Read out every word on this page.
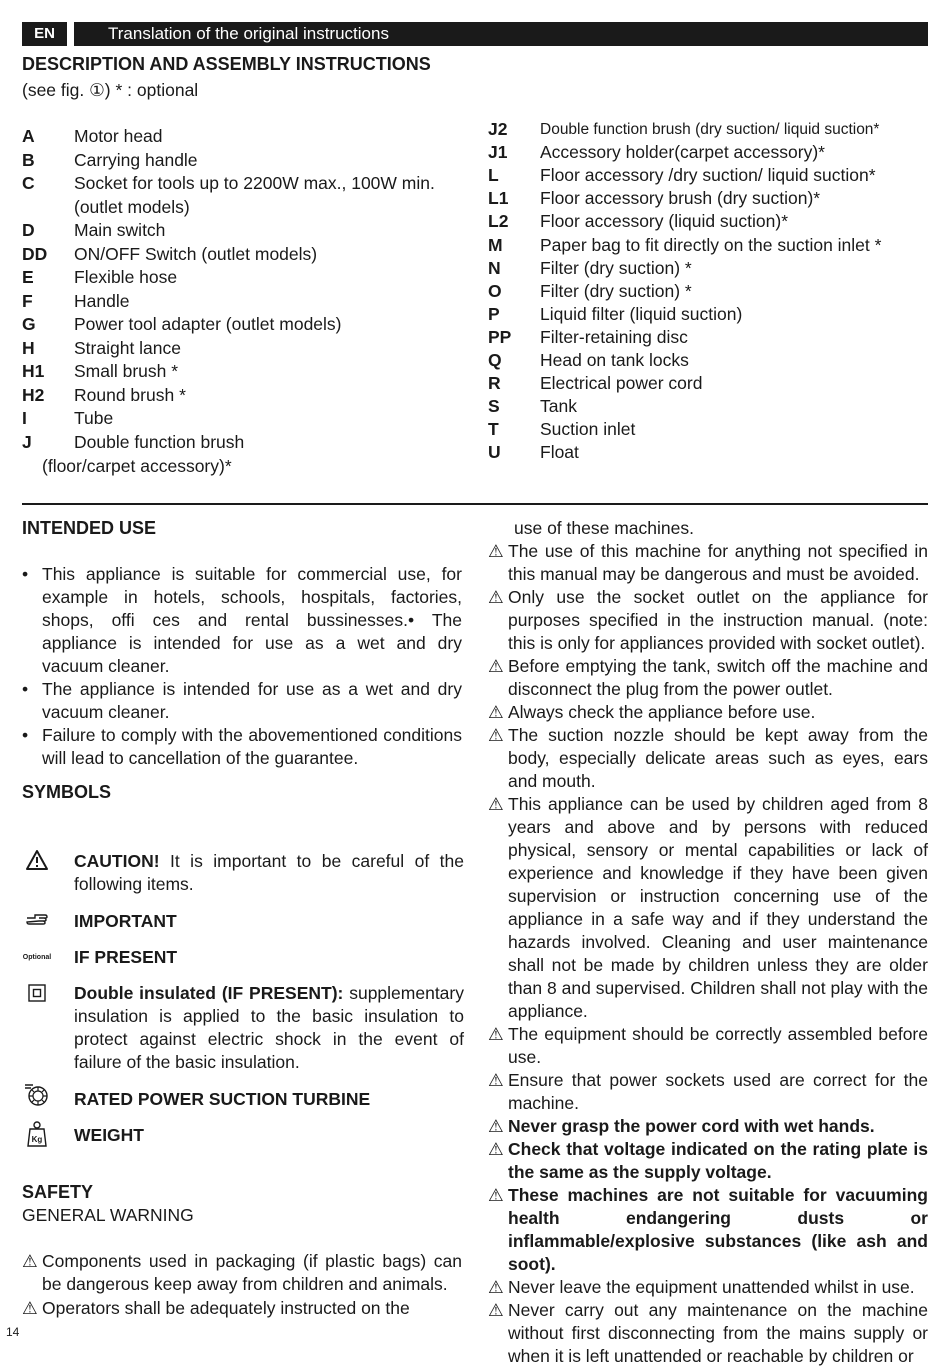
EN	Translation of the original instructions
DESCRIPTION AND ASSEMBLY INSTRUCTIONS
(see fig. ①) * : optional
A Motor head
B Carrying handle
C Socket for tools up to 2200W max., 100W min.
(outlet models)
D Main switch
DD ON/OFF Switch (outlet models)
E Flexible hose
F Handle
G Power tool adapter (outlet models)
H Straight lance
H1 Small brush *
H2 Round brush *
I	Tube
J Double function brush
(floor/carpet accessory)*
J2 Double function brush (dry suction/ liquid suction*
J1 Accessory holder(carpet accessory)*
L Floor accessory /dry suction/ liquid suction*
L1 Floor accessory brush (dry suction)*
L2 Floor accessory (liquid suction)*
M Paper bag to fit directly on the suction inlet *
N Filter (dry suction) *
O Filter (dry suction) *
P Liquid filter (liquid suction)
PP Filter-retaining disc
Q Head on tank locks
R Electrical power cord
S Tank
T Suction inlet
U Float
INTENDED USE
• This appliance is suitable for commercial use, for example in hotels, schools, hospitals, factories, shops, offi ces and rental bussinesses.• The appliance is intended for use as a wet and dry vacuum cleaner.
• The appliance is intended for use as a wet and dry vacuum cleaner.
• Failure to comply with the abovementioned conditions will lead to cancellation of the guarantee.
SYMBOLS
CAUTION! It is important to be careful of the following items.
IMPORTANT
Optional IF PRESENT
Double insulated (IF PRESENT): supplementary insulation is applied to the basic insulation to protect against electric shock in the event of failure of the basic insulation.
RATED POWER SUCTION TURBINE
Kg WEIGHT
SAFETY
GENERAL WARNING
⚠ Components used in packaging (if plastic bags) can be dangerous keep away from children and animals.
⚠ Operators shall be adequately instructed on the
use of these machines.
⚠ The use of this machine for anything not specified in this manual may be dangerous and must be avoided.
⚠ Only use the socket outlet on the appliance for purposes specified in the instruction manual. (note: this is only for appliances provided with socket outlet).
⚠ Before emptying the tank, switch off the machine and disconnect the plug from the power outlet.
⚠ Always check the appliance before use.
⚠ The suction nozzle should be kept away from the body, especially delicate areas such as eyes, ears and mouth.
⚠ This appliance can be used by children aged from 8 years and above and by persons with reduced physical, sensory or mental capabilities or lack of experience and knowledge if they have been given supervision or instruction concerning use of the appliance in a safe way and if they understand the hazards involved. Cleaning and user maintenance shall not be made by children unless they are older than 8 and supervised. Children shall not play with the appliance.
⚠ The equipment should be correctly assembled before use.
⚠ Ensure that power sockets used are correct for the machine.
⚠ Never grasp the power cord with wet hands.
⚠ Check that voltage indicated on the rating plate is the same as the supply voltage.
⚠ These machines are not suitable for vacuuming health endangering dusts or inflammable/explosive substances (like ash and soot).
⚠ Never leave the equipment unattended whilst in use.
⚠ Never carry out any maintenance on the machine without first disconnecting from the mains supply or when it is left unattended or reachable by children or
14
